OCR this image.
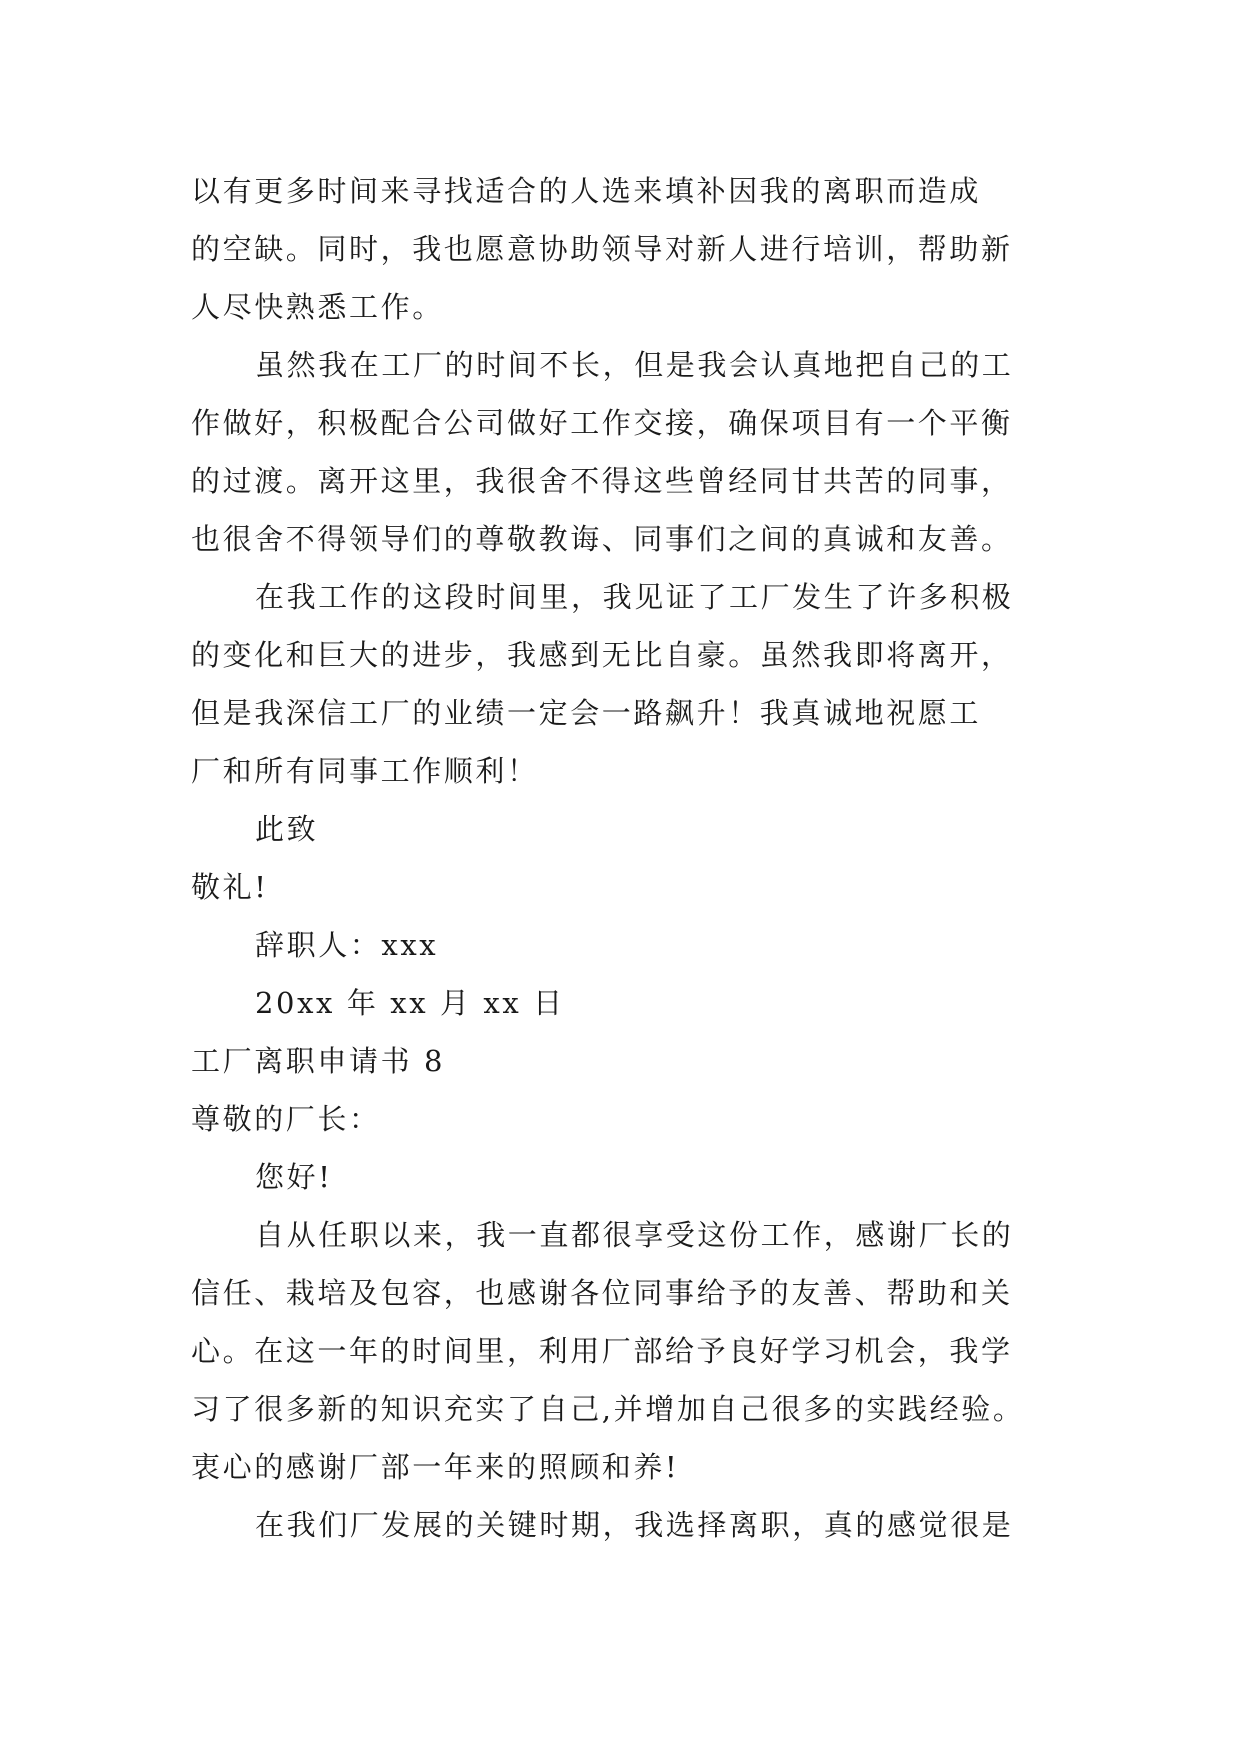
以有更多时间来寻找适合的人选来填补因我的离职而造成
的空缺。同时，我也愿意协助领导对新人进行培训，帮助新
人尽快熟悉工作。
虽然我在工厂的时间不长，但是我会认真地把自己的工
作做好，积极配合公司做好工作交接，确保项目有一个平衡
的过渡。离开这里，我很舍不得这些曾经同甘共苦的同事，
也很舍不得领导们的尊敬教诲、同事们之间的真诚和友善。
在我工作的这段时间里，我见证了工厂发生了许多积极
的变化和巨大的进步，我感到无比自豪。虽然我即将离开，
但是我深信工厂的业绩一定会一路飙升！我真诚地祝愿工
厂和所有同事工作顺利！
此致
敬礼!
辞职人：xxx
20xx 年 xx 月 xx 日
工厂离职申请书 8
尊敬的厂长：
您好!
自从任职以来，我一直都很享受这份工作，感谢厂长的
信任、栽培及包容，也感谢各位同事给予的友善、帮助和关
心。在这一年的时间里，利用厂部给予良好学习机会，我学
习了很多新的知识充实了自己,并增加自己很多的实践经验。
衷心的感谢厂部一年来的照顾和养!
在我们厂发展的关键时期，我选择离职，真的感觉很是
